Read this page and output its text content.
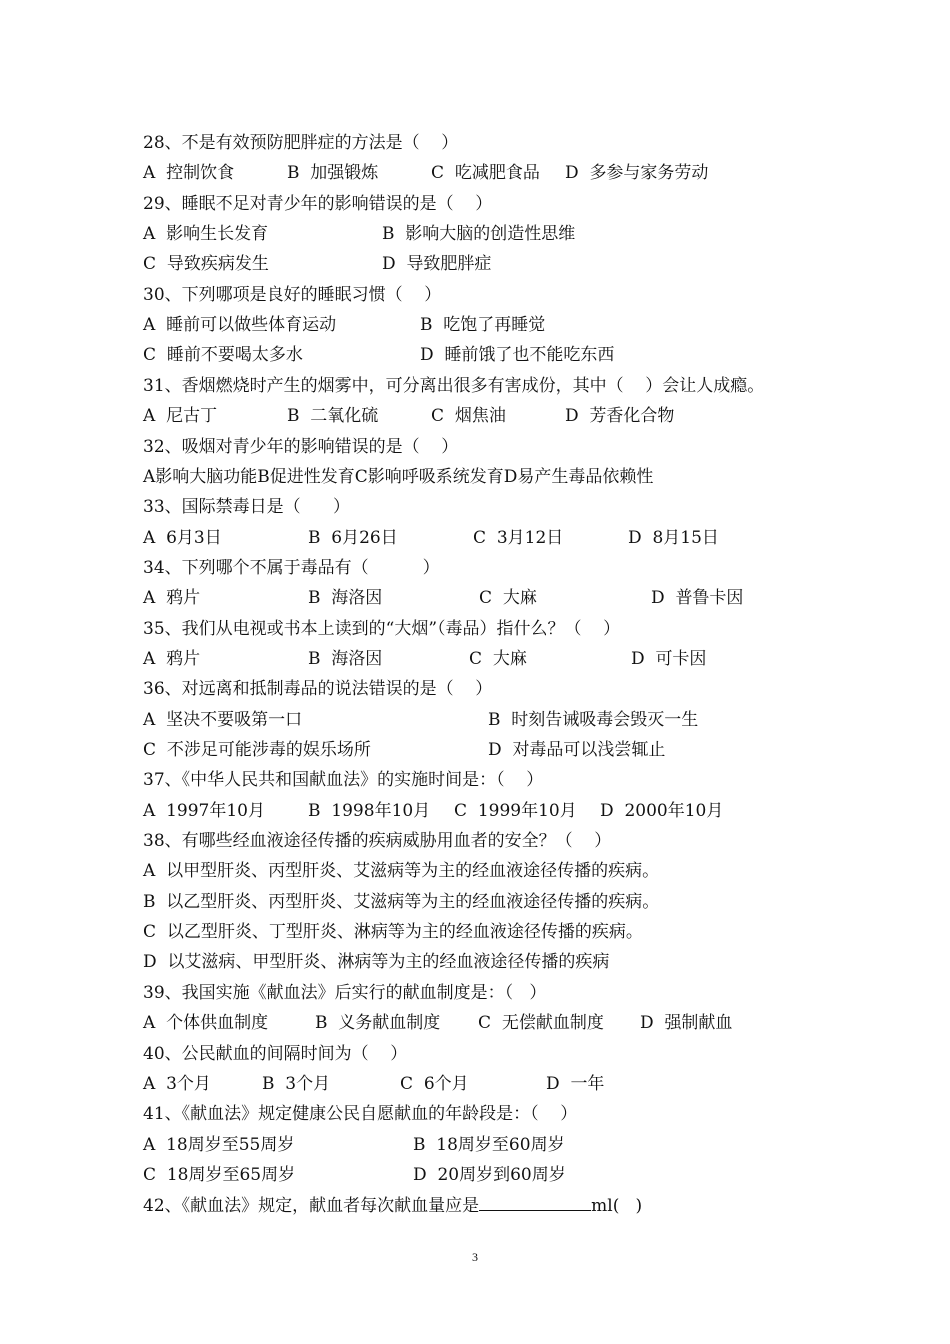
28、不是有效预防肥胖症的方法是（    ）
A  控制饮食	B  加强锻炼	C  吃减肥食品 D  多参与家务劳动
29、睡眠不足对青少年的影响错误的是（    ）
A  影响生长发育	B  影响大脑的创造性思维
C  导致疾病发生	D  导致肥胖症
30、下列哪项是良好的睡眠习惯（    ）
A  睡前可以做些体育运动	B  吃饱了再睡觉
C  睡前不要喝太多水	D  睡前饿了也不能吃东西
31、香烟燃烧时产生的烟雾中，可分离出很多有害成份，其中（    ）会让人成瘾。
A  尼古丁	B  二氧化硫	C  烟焦油	D  芳香化合物
32、吸烟对青少年的影响错误的是（    ）
A影响大脑功能B促进性发育C影响呼吸系统发育D易产生毒品依赖性
33、国际禁毒日是（      ）
A  6月3日	B  6月26日	C  3月12日	D  8月15日
34、下列哪个不属于毒品有（          ）
A  鸦片	B  海洛因	C  大麻	D  普鲁卡因
35、我们从电视或书本上读到的“大烟”（毒品）指什么？（    ）
A  鸦片	B  海洛因	C  大麻	D  可卡因
36、对远离和抵制毒品的说法错误的是（    ）
A  坚决不要吸第一口	B  时刻告诫吸毒会毁灭一生
C  不涉足可能涉毒的娱乐场所	D  对毒品可以浅尝辄止
37、《中华人民共和国献血法》的实施时间是：（    ）
A  1997年10月	B  1998年10月 C  1999年10月 D  2000年10月
38、有哪些经血液途径传播的疾病威胁用血者的安全？（    ）
A  以甲型肝炎、丙型肝炎、艾滋病等为主的经血液途径传播的疾病。
B  以乙型肝炎、丙型肝炎、艾滋病等为主的经血液途径传播的疾病。
C  以乙型肝炎、丁型肝炎、淋病等为主的经血液途径传播的疾病。
D  以艾滋病、甲型肝炎、淋病等为主的经血液途径传播的疾病
39、我国实施《献血法》后实行的献血制度是：（   ）
A  个体供血制度	B  义务献血制度 C  无偿献血制度 D  强制献血
40、公民献血的间隔时间为（    ）
A  3个月	B  3个月	C  6个月	D  一年
41、《献血法》规定健康公民自愿献血的年龄段是：（    ）
A  18周岁至55周岁	B  18周岁至60周岁
C  18周岁至65周岁	D  20周岁到60周岁
42、《献血法》规定，献血者每次献血量应是	ml(   )
3
